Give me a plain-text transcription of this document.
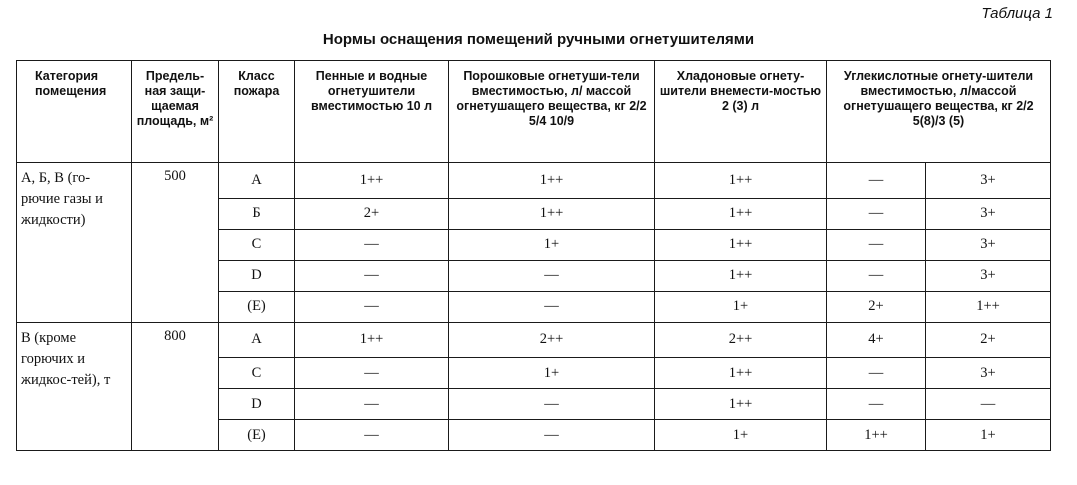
Таблица 1
Нормы оснащения помещений ручными огнетушителями
Категория помещения	Предель-ная защи-щаемая площадь, м²	Класс пожара	Пенные и водные огнетушители вместимостью 10 л	Порошковые огнетуши-тели вместимостью, л/ массой огнетушащего вещества, кг 2/2 5/4 10/9	Хладоновые огнету-шители внемести-мостью 2 (3) л	Углекислотные огнету-шители вместимостью, л/массой огнетушащего вещества, кг 2/2 5(8)/3 (5)	
А, Б, В (го-рючие газы и жидкости)	500	А	1++	1++	1++	—	3+
		Б	2+	1++	1++	—	3+
		C	—	1+	1++	—	3+
		D	—	—	1++	—	3+
		(E)	—	—	1+	2+	1++
В (кроме горючих и жидкос-тей), т	800	А	1++	2++	2++	4+	2+
		C	—	1+	1++	—	3+
		D	—	—	1++	—	—
		(E)	—	—	1+	1++	1+
